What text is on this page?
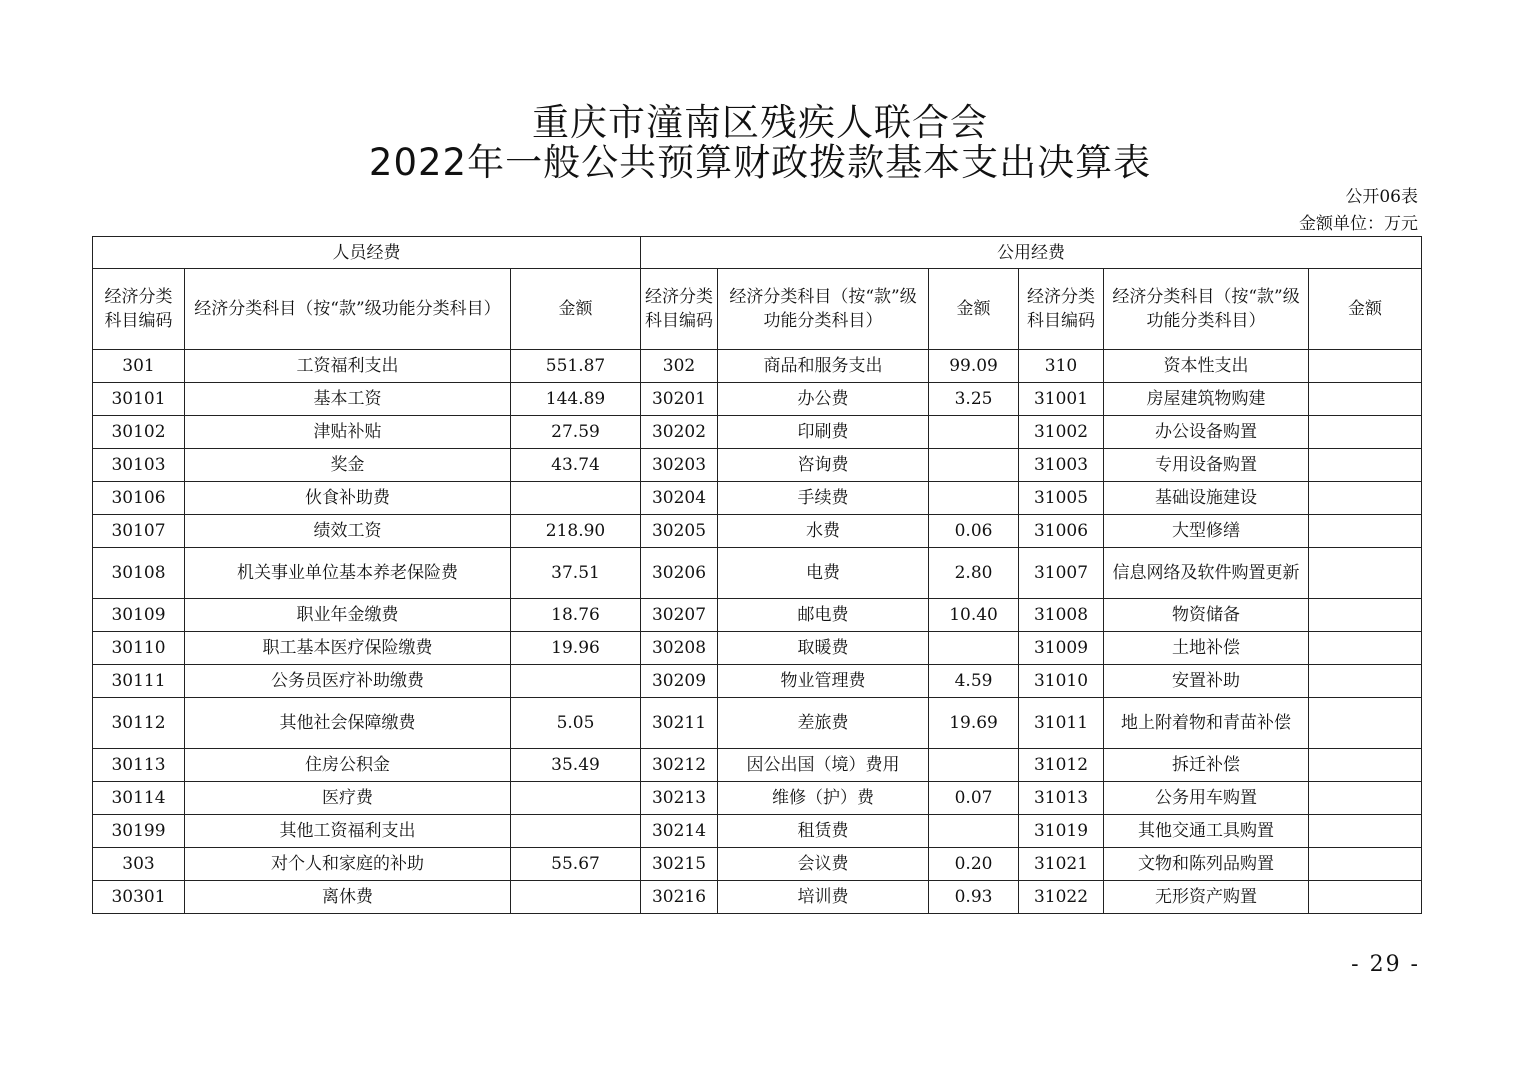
重庆市潼南区残疾人联合会
2022年一般公共预算财政拨款基本支出决算表
公开06表
金额单位：万元
人员经费			公用经费					
经济分类科目编码	经济分类科目（按“款”级功能分类科目）	金额	经济分类科目编码	经济分类科目（按“款”级功能分类科目）	金额	经济分类科目编码	经济分类科目（按“款”级功能分类科目）	金额
301	工资福利支出	551.87	302	商品和服务支出	99.09	310	资本性支出	
30101	基本工资	144.89	30201	办公费	3.25	31001	房屋建筑物购建	
30102	津贴补贴	27.59	30202	印刷费		31002	办公设备购置	
30103	奖金	43.74	30203	咨询费		31003	专用设备购置	
30106	伙食补助费		30204	手续费		31005	基础设施建设	
30107	绩效工资	218.90	30205	水费	0.06	31006	大型修缮	
30108	机关事业单位基本养老保险费	37.51	30206	电费	2.80	31007	信息网络及软件购置更新	
30109	职业年金缴费	18.76	30207	邮电费	10.40	31008	物资储备	
30110	职工基本医疗保险缴费	19.96	30208	取暖费		31009	土地补偿	
30111	公务员医疗补助缴费		30209	物业管理费	4.59	31010	安置补助	
30112	其他社会保障缴费	5.05	30211	差旅费	19.69	31011	地上附着物和青苗补偿	
30113	住房公积金	35.49	30212	因公出国（境）费用		31012	拆迁补偿	
30114	医疗费		30213	维修（护）费	0.07	31013	公务用车购置	
30199	其他工资福利支出		30214	租赁费		31019	其他交通工具购置	
303	对个人和家庭的补助	55.67	30215	会议费	0.20	31021	文物和陈列品购置	
30301	离休费		30216	培训费	0.93	31022	无形资产购置	
- 29 -
